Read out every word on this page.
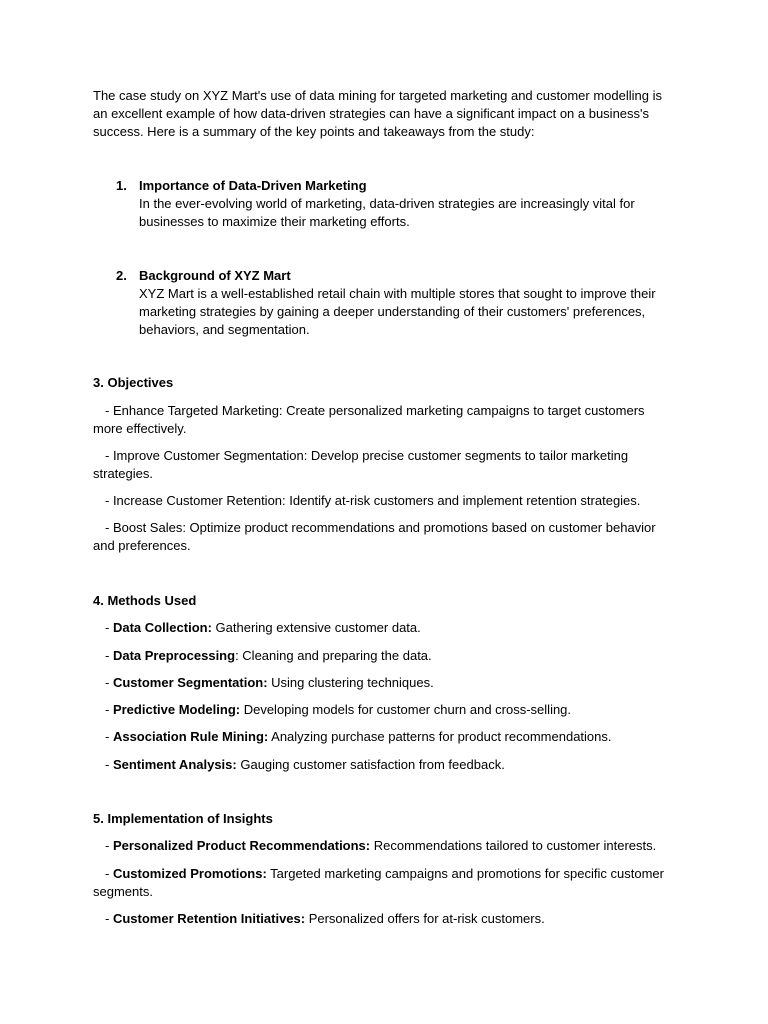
The case study on XYZ Mart's use of data mining for targeted marketing and customer modelling is an excellent example of how data-driven strategies can have a significant impact on a business's success. Here is a summary of the key points and takeaways from the study:
1. Importance of Data-Driven Marketing
In the ever-evolving world of marketing, data-driven strategies are increasingly vital for businesses to maximize their marketing efforts.
2. Background of XYZ Mart
XYZ Mart is a well-established retail chain with multiple stores that sought to improve their marketing strategies by gaining a deeper understanding of their customers' preferences, behaviors, and segmentation.
3. Objectives
- Enhance Targeted Marketing: Create personalized marketing campaigns to target customers more effectively.
- Improve Customer Segmentation: Develop precise customer segments to tailor marketing strategies.
- Increase Customer Retention: Identify at-risk customers and implement retention strategies.
- Boost Sales: Optimize product recommendations and promotions based on customer behavior and preferences.
4. Methods Used
- Data Collection: Gathering extensive customer data.
- Data Preprocessing: Cleaning and preparing the data.
- Customer Segmentation: Using clustering techniques.
- Predictive Modeling: Developing models for customer churn and cross-selling.
- Association Rule Mining: Analyzing purchase patterns for product recommendations.
- Sentiment Analysis: Gauging customer satisfaction from feedback.
5. Implementation of Insights
- Personalized Product Recommendations: Recommendations tailored to customer interests.
- Customized Promotions: Targeted marketing campaigns and promotions for specific customer segments.
- Customer Retention Initiatives: Personalized offers for at-risk customers.
